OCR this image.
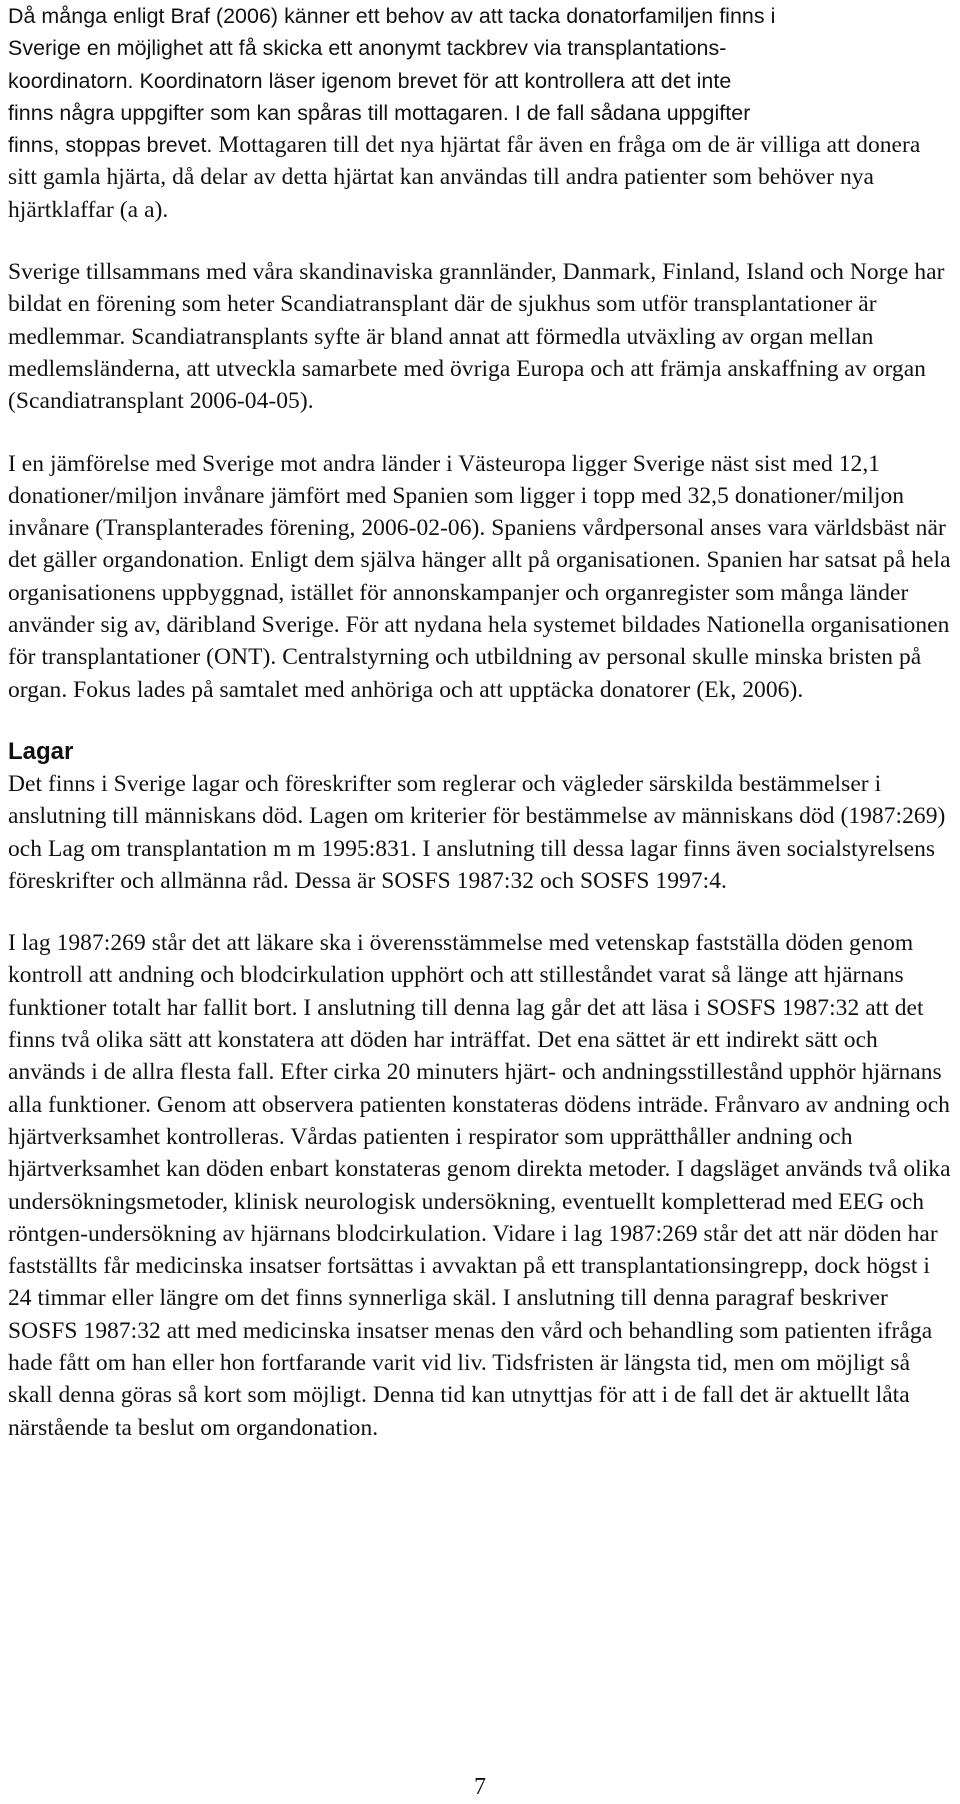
Då många enligt Braf (2006) känner ett behov av att tacka donatorfamiljen finns i
Sverige en möjlighet att få skicka ett anonymt tackbrev via transplantations-
koordinatorn. Koordinatorn läser igenom brevet för att kontrollera att det inte
finns några uppgifter som kan spåras till mottagaren. I de fall sådana uppgifter
finns, stoppas brevet. Mottagaren till det nya hjärtat får även en fråga om de är villiga att donera sitt gamla hjärta, då delar av detta hjärtat kan användas till andra patienter som behöver nya hjärtklaffar (a a).

Sverige tillsammans med våra skandinaviska grannländer, Danmark, Finland, Island och Norge har bildat en förening som heter Scandiatransplant där de sjukhus som utför transplantationer är medlemmar. Scandiatransplants syfte är bland annat att förmedla utväxling av organ mellan medlemsländerna, att utveckla samarbete med övriga Europa och att främja anskaffning av organ (Scandiatransplant 2006-04-05).

I en jämförelse med Sverige mot andra länder i Västeuropa ligger Sverige näst sist med 12,1 donationer/miljon invånare jämfört med Spanien som ligger i topp med 32,5 donationer/miljon invånare (Transplanterades förening, 2006-02-06). Spaniens vårdpersonal anses vara världsbäst när det gäller organdonation. Enligt dem själva hänger allt på organisationen. Spanien har satsat på hela organisationens uppbyggnad, istället för annonskampanjer och organregister som många länder använder sig av, däribland Sverige. För att nydana hela systemet bildades Nationella organisationen för transplantationer (ONT). Centralstyrning och utbildning av personal skulle minska bristen på organ. Fokus lades på samtalet med anhöriga och att upptäcka donatorer (Ek, 2006).

Lagar

Det finns i Sverige lagar och föreskrifter som reglerar och vägleder särskilda bestämmelser i anslutning till människans död. Lagen om kriterier för bestämmelse av människans död (1987:269) och Lag om transplantation m m 1995:831. I anslutning till dessa lagar finns även socialstyrelsens föreskrifter och allmänna råd. Dessa är SOSFS 1987:32 och SOSFS 1997:4.

I lag 1987:269 står det att läkare ska i överensstämmelse med vetenskap fastställa döden genom kontroll att andning och blodcirkulation upphört och att stilleståndet varat så länge att hjärnans funktioner totalt har fallit bort. I anslutning till denna lag går det att läsa i SOSFS 1987:32 att det finns två olika sätt att konstatera att döden har inträffat. Det ena sättet är ett indirekt sätt och används i de allra flesta fall. Efter cirka 20 minuters hjärt- och andningsstillestånd upphör hjärnans alla funktioner. Genom att observera patienten konstateras dödens inträde. Frånvaro av andning och hjärtverksamhet kontrolleras. Vårdas patienten i respirator som upprätthåller andning och hjärtverksamhet kan döden enbart konstateras genom direkta metoder. I dagsläget används två olika undersökningsmetoder, klinisk neurologisk undersökning, eventuellt kompletterad med EEG och röntgen-undersökning av hjärnans blodcirkulation. Vidare i lag 1987:269 står det att när döden har fastställts får medicinska insatser fortsättas i avvaktan på ett transplantationsingrepp, dock högst i 24 timmar eller längre om det finns synnerliga skäl. I anslutning till denna paragraf beskriver SOSFS 1987:32 att med medicinska insatser menas den vård och behandling som patienten ifråga hade fått om han eller hon fortfarande varit vid liv. Tidsfristen är längsta tid, men om möjligt så skall denna göras så kort som möjligt. Denna tid kan utnyttjas för att i de fall det är aktuellt låta närstående ta beslut om organdonation.

7
